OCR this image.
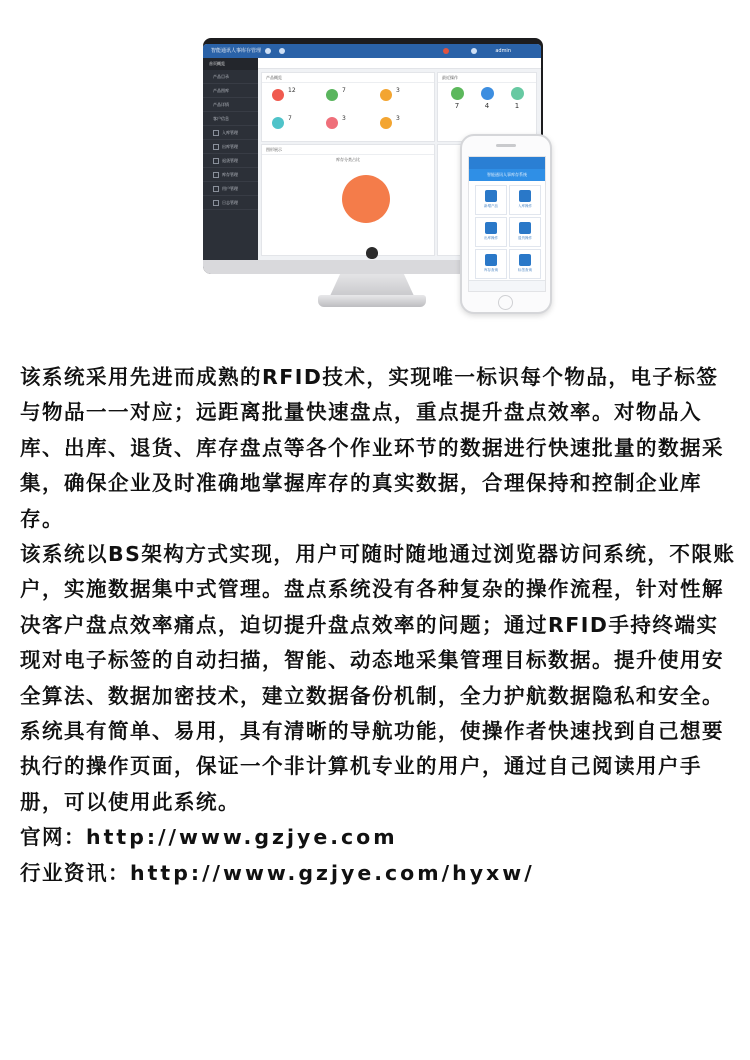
智能通讯人事库存管理	admin
首页概览
产品目录
产品图库
产品详情
客户信息
入库管理
出库管理
退货管理
库存管理
用户管理
日志管理
产品概览
12	7	3
7	3	3
最近操作
7	4	1
图形展示
库存分类占比
智能通讯人事库存系统
新增产品	入库操作
出库操作	退货操作
库存查询	标签查询

该系统采用先进而成熟的RFID技术，实现唯一标识每个物品，电子标签与物品一一对应；远距离批量快速盘点，重点提升盘点效率。对物品入库、出库、退货、库存盘点等各个作业环节的数据进行快速批量的数据采集，确保企业及时准确地掌握库存的真实数据，合理保持和控制企业库存。

该系统以BS架构方式实现，用户可随时随地通过浏览器访问系统，不限账户，实施数据集中式管理。盘点系统没有各种复杂的操作流程，针对性解决客户盘点效率痛点，迫切提升盘点效率的问题；通过RFID手持终端实现对电子标签的自动扫描，智能、动态地采集管理目标数据。提升使用安全算法、数据加密技术，建立数据备份机制，全力护航数据隐私和安全。系统具有简单、易用，具有清晰的导航功能，使操作者快速找到自己想要执行的操作页面，保证一个非计算机专业的用户，通过自己阅读用户手册，可以使用此系统。

官网：http://www.gzjye.com

行业资讯：http://www.gzjye.com/hyxw/
